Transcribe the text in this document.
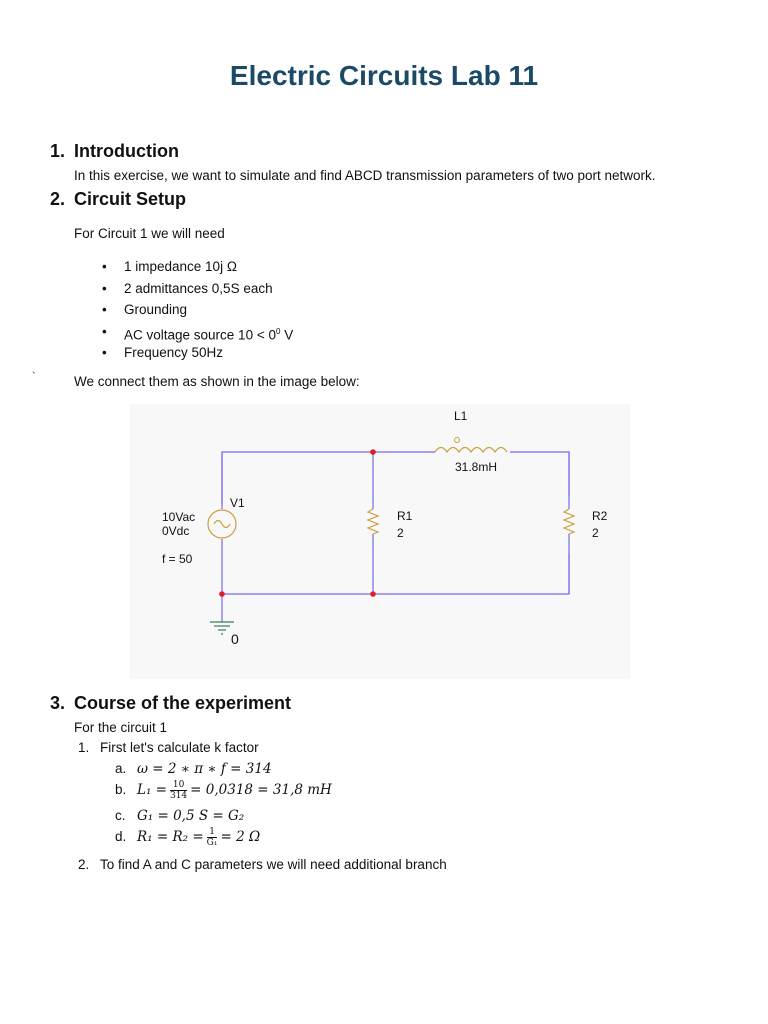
Electric Circuits Lab 11
1. Introduction

In this exercise, we want to simulate and find ABCD transmission parameters of two port network.

2. Circuit Setup

For Circuit 1 we will need

• 1 impedance 10j Ω
• 2 admittances 0,5S each
• Grounding
• AC voltage source $10 < 0^0$ V
• Frequency 50Hz
`	We connect them as shown in the image below:

L1
31.8mH
V1
10Vac
0Vdc
f = 50
R1
2
R2
2
0
3. Course of the experiment

For the circuit 1

1. First let's calculate k factor
a. ω = 2 ∗ π ∗ f = 314
b. $L_1 = \frac{10}{314} = 0,0318 = 31,8$ mH
c. G₁ = 0,5 S = G₂
d. $R_1 = R_2 = \frac{1}{\text{G₁}} = 2$ Ω
2. To find A and C parameters we will need additional branch
